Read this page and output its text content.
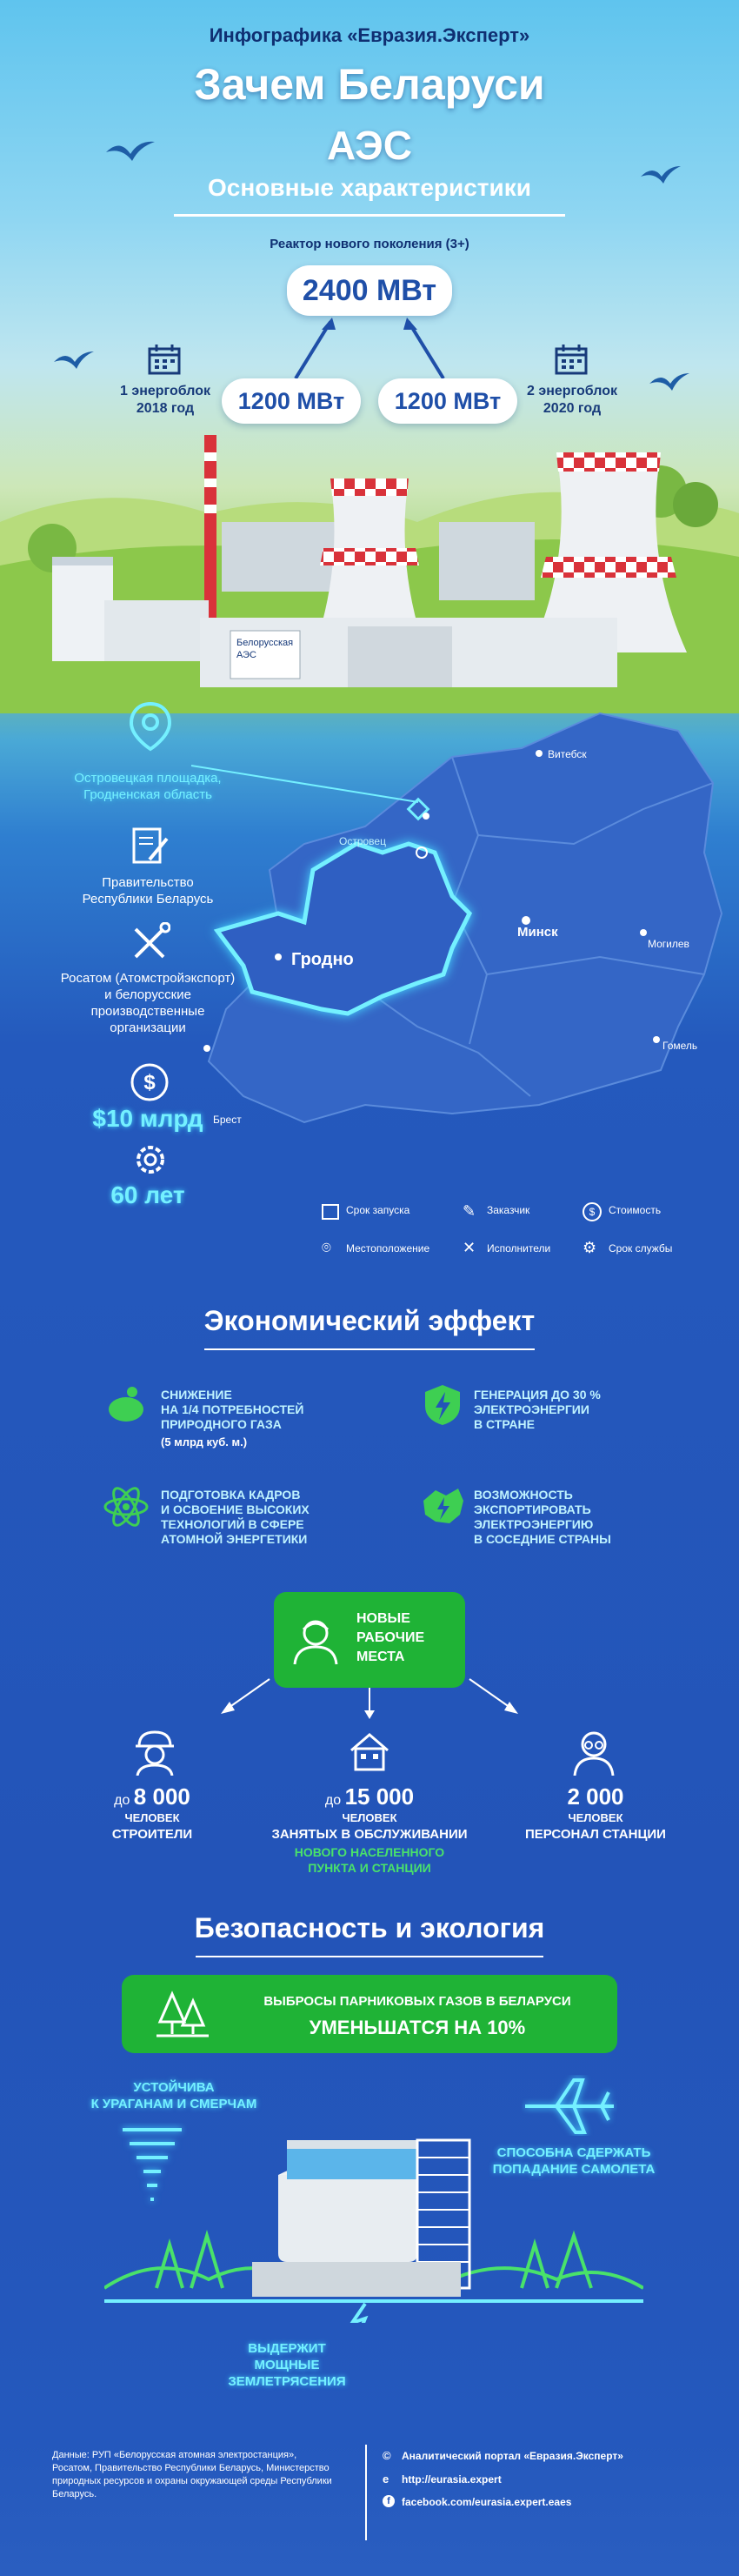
Инфографика «Евразия.Эксперт»
Зачем Беларуси
АЭС
Основные характеристики
Реактор нового поколения (3+)
2400 МВт
1200 МВт	1200 МВт
1 энергоблок
2018 год
2 энергоблок
2020 год
Белорусская
АЭС
Островецкая площадка,
Гродненская область
Правительство
Республики Беларусь
Росатом (Атомстройэкспорт)
и белорусские
производственные
организации
$
$10 млрд
60 лет
Витебск
Островец
Минск
Могилев
Гродно
Гомель
Брест
Срок запуска	✎ Заказчик	$	Стоимость
⌾ Местоположение ✕ Исполнители ⚙ Срок службы
Экономический эффект
СНИЖЕНИЕ
НА 1/4 ПОТРЕБНОСТЕЙ
ПРИРОДНОГО ГАЗА
(5 млрд куб. м.)
ГЕНЕРАЦИЯ ДО 30 %
ЭЛЕКТРОЭНЕРГИИ
В СТРАНЕ
ПОДГОТОВКА КАДРОВ
И ОСВОЕНИЕ ВЫСОКИХ
ТЕХНОЛОГИЙ В СФЕРЕ
АТОМНОЙ ЭНЕРГЕТИКИ
ВОЗМОЖНОСТЬ
ЭКСПОРТИРОВАТЬ
ЭЛЕКТРОЭНЕРГИЮ
В СОСЕДНИЕ СТРАНЫ
НОВЫЕ
РАБОЧИЕ
МЕСТА
до 8 000
ЧЕЛОВЕК
СТРОИТЕЛИ
до 15 000
ЧЕЛОВЕК
ЗАНЯТЫХ В ОБСЛУЖИВАНИИ
НОВОГО НАСЕЛЕННОГО
ПУНКТА И СТАНЦИИ
2 000
ЧЕЛОВЕК
ПЕРСОНАЛ СТАНЦИИ
Безопасность и экология
ВЫБРОСЫ ПАРНИКОВЫХ ГАЗОВ В БЕЛАРУСИ
УМЕНЬШАТСЯ НА 10%
УСТОЙЧИВА
К УРАГАНАМ И СМЕРЧАМ
СПОСОБНА СДЕРЖАТЬ
ПОПАДАНИЕ САМОЛЕТА
ВЫДЕРЖИТ
МОЩНЫЕ
ЗЕМЛЕТРЯСЕНИЯ
Данные: РУП «Белорусская атомная электростанция», Росатом, Правительство Республики Беларусь, Министерство природных ресурсов и охраны окружающей среды Республики Беларусь.
© Аналитический портал «Евразия.Эксперт»
e http://eurasia.expert
f	facebook.com/eurasia.expert.eaes
